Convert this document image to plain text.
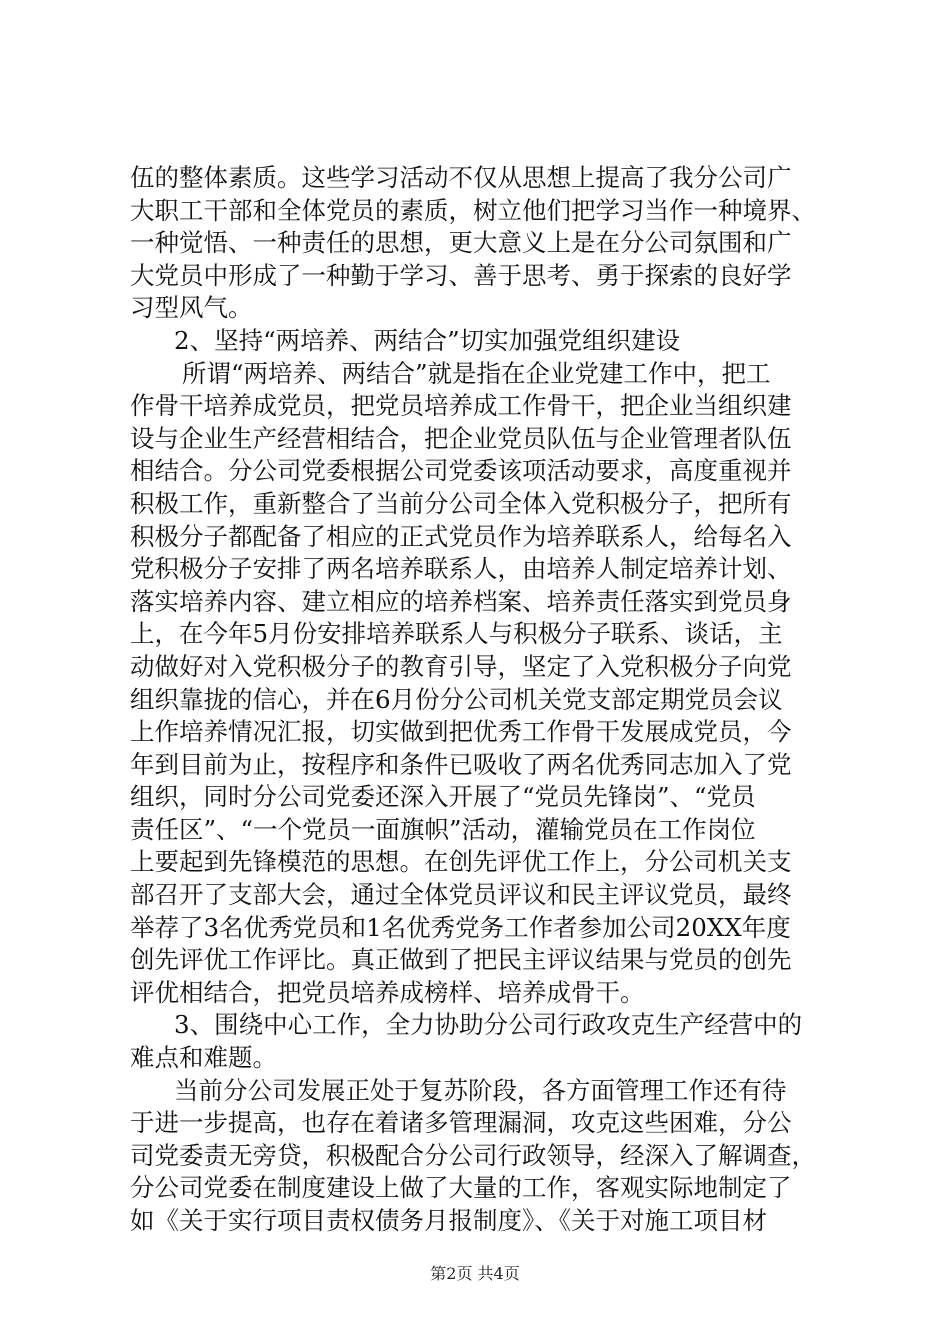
伍的整体素质。这些学习活动不仅从思想上提高了我分公司广
大职工干部和全体党员的素质，树立他们把学习当作一种境界、
一种觉悟、一种责任的思想，更大意义上是在分公司氛围和广
大党员中形成了一种勤于学习、善于思考、勇于探索的良好学
习型风气。
2、坚持“两培养、两结合”切实加强党组织建设
所谓“两培养、两结合”就是指在企业党建工作中，把工
作骨干培养成党员，把党员培养成工作骨干，把企业当组织建
设与企业生产经营相结合，把企业党员队伍与企业管理者队伍
相结合。分公司党委根据公司党委该项活动要求，高度重视并
积极工作，重新整合了当前分公司全体入党积极分子，把所有
积极分子都配备了相应的正式党员作为培养联系人，给每名入
党积极分子安排了两名培养联系人，由培养人制定培养计划、
落实培养内容、建立相应的培养档案、培养责任落实到党员身
上，在今年5月份安排培养联系人与积极分子联系、谈话，主
动做好对入党积极分子的教育引导，坚定了入党积极分子向党
组织靠拢的信心，并在6月份分公司机关党支部定期党员会议
上作培养情况汇报，切实做到把优秀工作骨干发展成党员，今
年到目前为止，按程序和条件已吸收了两名优秀同志加入了党
组织，同时分公司党委还深入开展了“党员先锋岗”、“党员
责任区”、“一个党员一面旗帜”活动，灌输党员在工作岗位
上要起到先锋模范的思想。在创先评优工作上，分公司机关支
部召开了支部大会，通过全体党员评议和民主评议党员，最终
举荐了3名优秀党员和1名优秀党务工作者参加公司20XX年度
创先评优工作评比。真正做到了把民主评议结果与党员的创先
评优相结合，把党员培养成榜样、培养成骨干。
3、围绕中心工作，全力协助分公司行政攻克生产经营中的
难点和难题。
当前分公司发展正处于复苏阶段，各方面管理工作还有待
于进一步提高，也存在着诸多管理漏洞，攻克这些困难，分公
司党委责无旁贷，积极配合分公司行政领导，经深入了解调查，
分公司党委在制度建设上做了大量的工作，客观实际地制定了
如《关于实行项目责权债务月报制度》、《关于对施工项目材
第2页 共4页
